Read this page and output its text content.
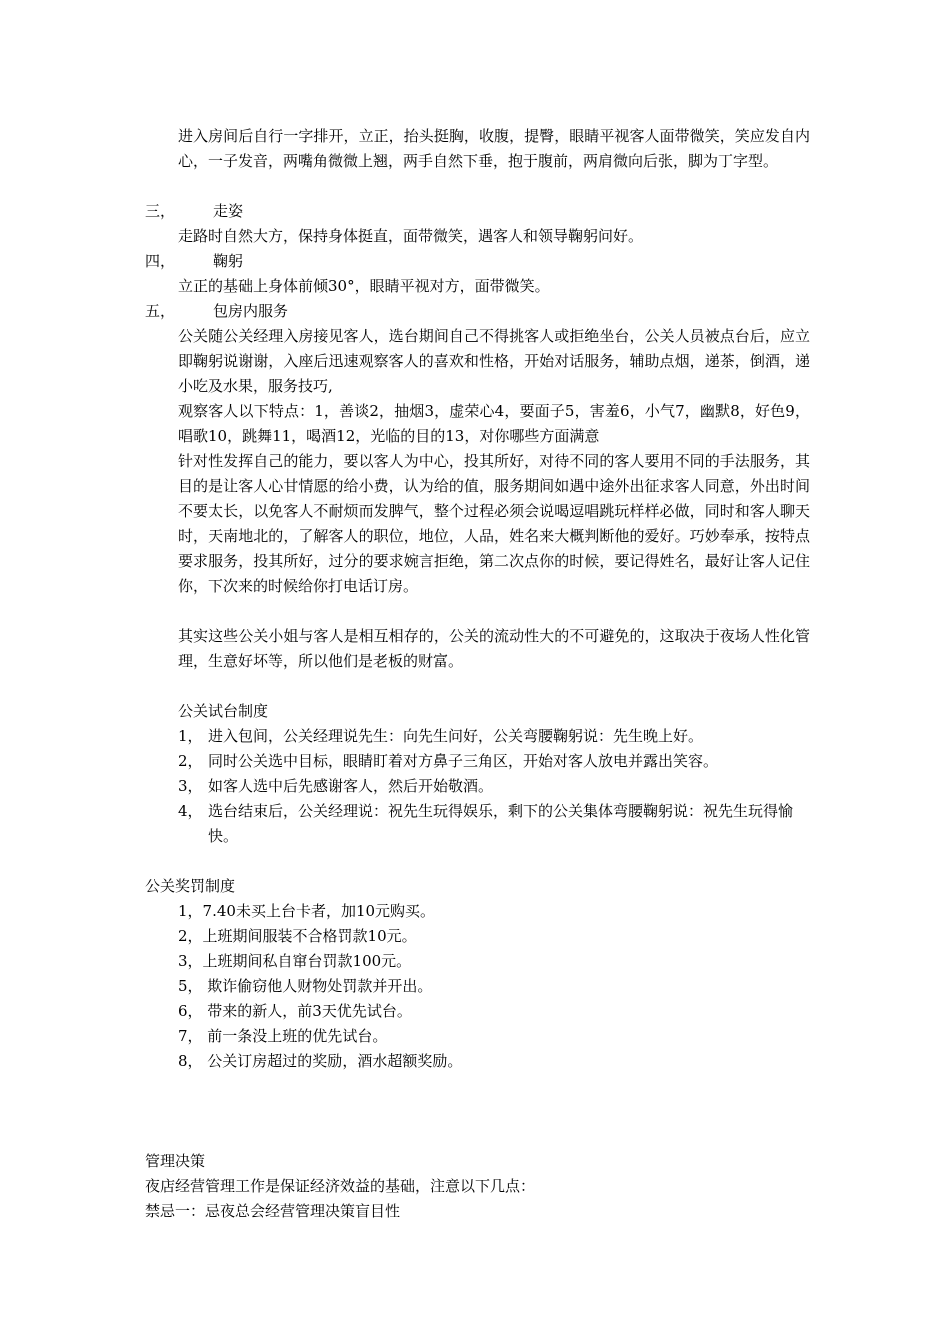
进入房间后自行一字排开，立正，抬头挺胸，收腹，提臀，眼睛平视客人面带微笑，笑应发自内心，一子发音，两嘴角微微上翘，两手自然下垂，抱于腹前，两肩微向后张，脚为丁字型。
三，	走姿
走路时自然大方，保持身体挺直，面带微笑，遇客人和领导鞠躬问好。
四，	鞠躬
立正的基础上身体前倾30°，眼睛平视对方，面带微笑。
五，	包房内服务
公关随公关经理入房接见客人，选台期间自己不得挑客人或拒绝坐台，公关人员被点台后，应立即鞠躬说谢谢，入座后迅速观察客人的喜欢和性格，开始对话服务，辅助点烟，递茶，倒酒，递小吃及水果，服务技巧,
观察客人以下特点：1，善谈2，抽烟3，虚荣心4，要面子5，害羞6，小气7，幽默8，好色9，唱歌10，跳舞11，喝酒12，光临的目的13，对你哪些方面满意
针对性发挥自己的能力，要以客人为中心，投其所好，对待不同的客人要用不同的手法服务，其目的是让客人心甘情愿的给小费，认为给的值，服务期间如遇中途外出征求客人同意，外出时间不要太长，以免客人不耐烦而发脾气，整个过程必须会说喝逗唱跳玩样样必做，同时和客人聊天时，天南地北的，了解客人的职位，地位，人品，姓名来大概判断他的爱好。巧妙奉承，按特点要求服务，投其所好，过分的要求婉言拒绝，第二次点你的时候，要记得姓名，最好让客人记住你，下次来的时候给你打电话订房。
其实这些公关小姐与客人是相互相存的，公关的流动性大的不可避免的，这取决于夜场人性化管理，生意好坏等，所以他们是老板的财富。
公关试台制度
1， 进入包间，公关经理说先生：向先生问好，公关弯腰鞠躬说：先生晚上好。
2， 同时公关选中目标，眼睛盯着对方鼻子三角区，开始对客人放电并露出笑容。
3， 如客人选中后先感谢客人，然后开始敬酒。
4， 选台结束后，公关经理说：祝先生玩得娱乐，剩下的公关集体弯腰鞠躬说：祝先生玩得愉快。
公关奖罚制度
1，7.40未买上台卡者，加10元购买。
2，上班期间服装不合格罚款10元。
3，上班期间私自窜台罚款100元。
5， 欺诈偷窃他人财物处罚款并开出。
6， 带来的新人，前3天优先试台。
7， 前一条没上班的优先试台。
8， 公关订房超过的奖励，酒水超额奖励。
管理决策
夜店经营管理工作是保证经济效益的基础，注意以下几点：
禁忌一：忌夜总会经营管理决策盲目性
